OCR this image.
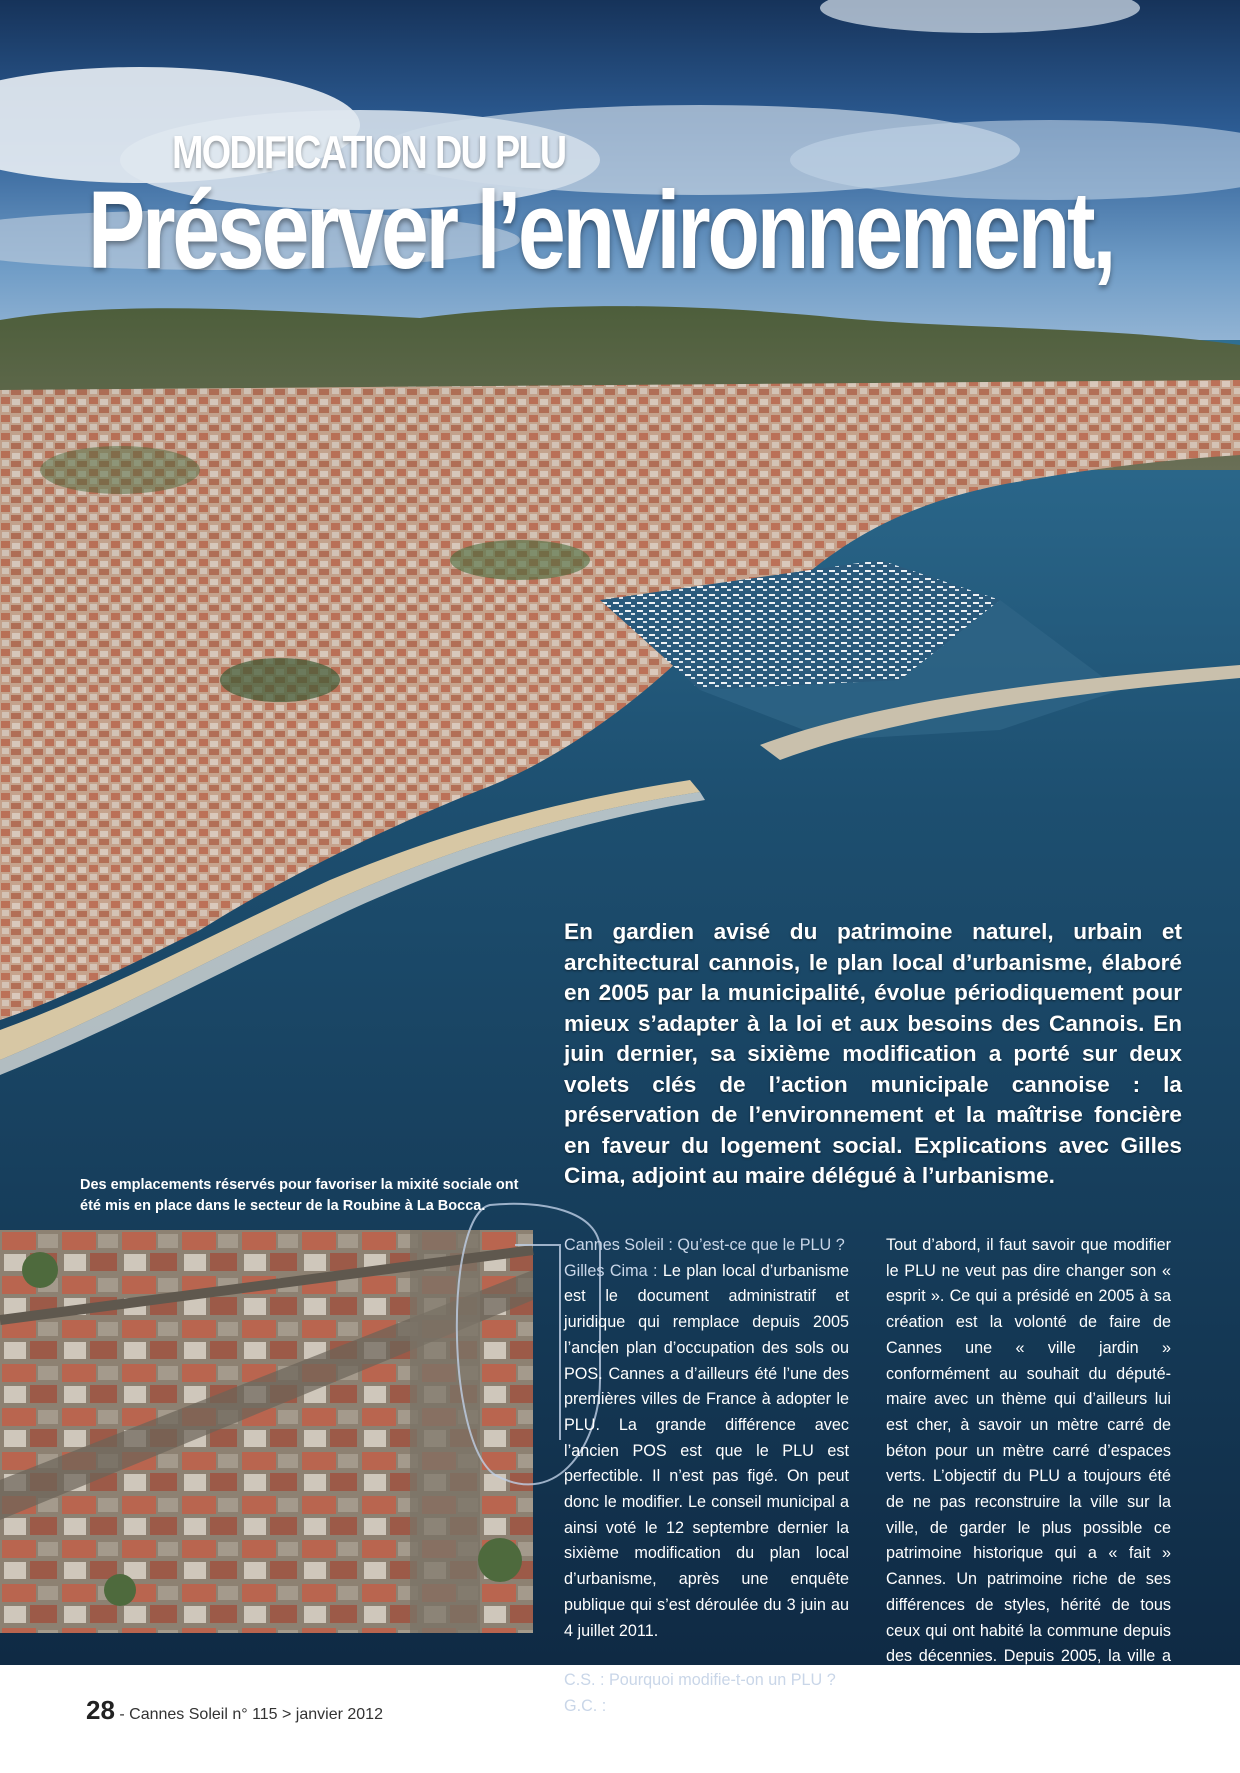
MODIFICATION DU PLU

Préserver l’environnement,

En gardien avisé du patrimoine naturel, urbain et architectural cannois, le plan local d’urbanisme, élaboré en 2005 par la municipalité, évolue périodiquement pour mieux s’adapter à la loi et aux besoins des Cannois. En juin dernier, sa sixième modification a porté sur deux volets clés de l’action municipale cannoise : la préservation de l’environnement et la maîtrise foncière en faveur du logement social. Explications avec Gilles Cima, adjoint au maire délégué à l’urbanisme.

Des emplacements réservés pour favoriser la mixité sociale ont été mis en place dans le secteur de la Roubine à La Bocca.

Cannes Soleil : Qu’est-ce que le PLU ?

Gilles Cima : Le plan local d’urbanisme est le document administratif et juridique qui remplace depuis 2005 l’ancien plan d’occupation des sols ou POS. Cannes a d’ailleurs été l’une des premières villes de France à adopter le PLU. La grande différence avec l’ancien POS est que le PLU est perfectible. Il n’est pas figé. On peut donc le modifier. Le conseil municipal a ainsi voté le 12 septembre dernier la sixième modification du plan local d’urbanisme, après une enquête publique qui s’est déroulée du 3 juin au 4 juillet 2011.

C.S. : Pourquoi modifie-t-on un PLU ?

G.C. :

Tout d’abord, il faut savoir que modifier le PLU ne veut pas dire changer son « esprit ». Ce qui a présidé en 2005 à sa création est la volonté de faire de Cannes une « ville jardin » conformément au souhait du député-maire avec un thème qui d’ailleurs lui est cher, à savoir un mètre carré de béton pour un mètre carré d’espaces verts. L’objectif du PLU a toujours été de ne pas reconstruire la ville sur la ville, de garder le plus possible ce patrimoine historique qui a « fait » Cannes. Un patrimoine riche de ses différences de styles, hérité de tous ceux qui ont habité la commune depuis des décennies. Depuis 2005, la ville a été plus sous-densifiée que densifiée. Les hauteurs, les COS ont été diminués et les espaces verts ont été agrandis. C’est un parti pris munici-

28 - Cannes Soleil n° 115 > janvier 2012
